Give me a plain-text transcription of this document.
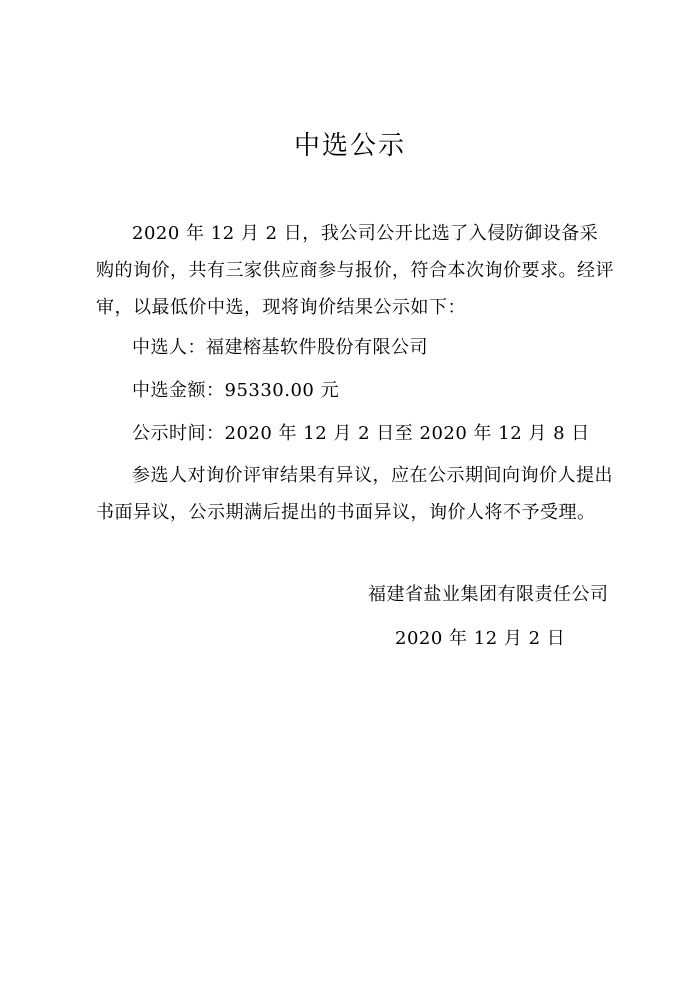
中选公示
2020 年 12 月 2 日，我公司公开比选了入侵防御设备采购的询价，共有三家供应商参与报价，符合本次询价要求。经评审，以最低价中选，现将询价结果公示如下：
中选人：福建榕基软件股份有限公司
中选金额：95330.00 元
公示时间：2020 年 12 月 2 日至 2020 年 12 月 8 日
参选人对询价评审结果有异议，应在公示期间向询价人提出书面异议，公示期满后提出的书面异议，询价人将不予受理。
福建省盐业集团有限责任公司
2020 年 12 月 2 日
